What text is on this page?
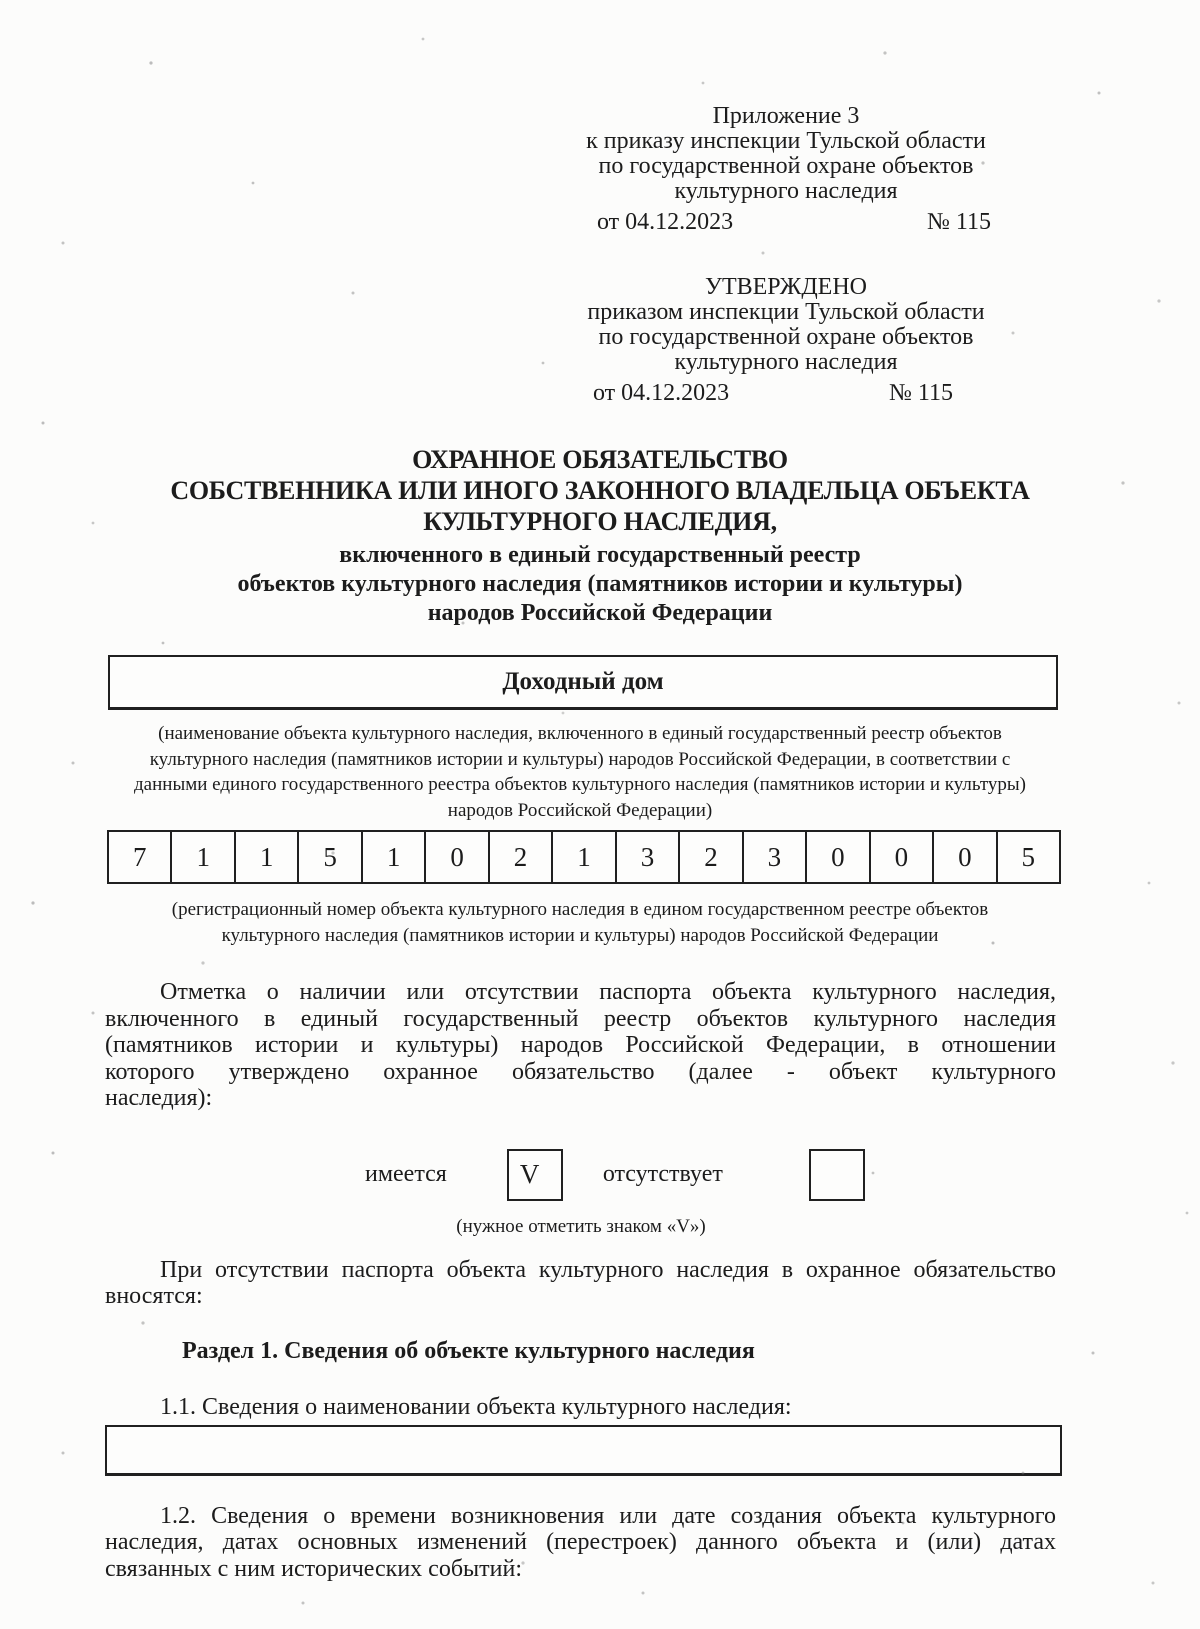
Приложение 3
к приказу инспекции Тульской области
по государственной охране объектов
культурного наследия
от 04.12.2023	№ 115
УТВЕРЖДЕНО
приказом инспекции Тульской области
по государственной охране объектов
культурного наследия
от 04.12.2023	№ 115
ОХРАННОЕ ОБЯЗАТЕЛЬСТВО
СОБСТВЕННИКА ИЛИ ИНОГО ЗАКОННОГО ВЛАДЕЛЬЦА ОБЪЕКТА
КУЛЬТУРНОГО НАСЛЕДИЯ,
включенного в единый государственный реестр
объектов культурного наследия (памятников истории и культуры)
народов Российской Федерации
Доходный дом
(наименование объекта культурного наследия, включенного в единый государственный реестр объектов
культурного наследия (памятников истории и культуры) народов Российской Федерации, в соответствии с
данными единого государственного реестра объектов культурного наследия (памятников истории и культуры)
народов Российской Федерации)
7	1	1	5	1	0	2	1	3	2	3	0	0	0	5
(регистрационный номер объекта культурного наследия в едином государственном реестре объектов
культурного наследия (памятников истории и культуры) народов Российской Федерации
Отметка о наличии или отсутствии паспорта объекта культурного наследия,
включенного в единый государственный реестр объектов культурного наследия
(памятников истории и культуры) народов Российской Федерации, в отношении
которого утверждено охранное обязательство (далее - объект культурного
наследия):
имеется	V	отсутствует
(нужное отметить знаком «V»)
При отсутствии паспорта объекта культурного наследия в охранное обязательство
вносятся:
Раздел 1. Сведения об объекте культурного наследия
1.1. Сведения о наименовании объекта культурного наследия:
1.2. Сведения о времени возникновения или дате создания объекта культурного
наследия, датах основных изменений (перестроек) данного объекта и (или) датах
связанных с ним исторических событий:
